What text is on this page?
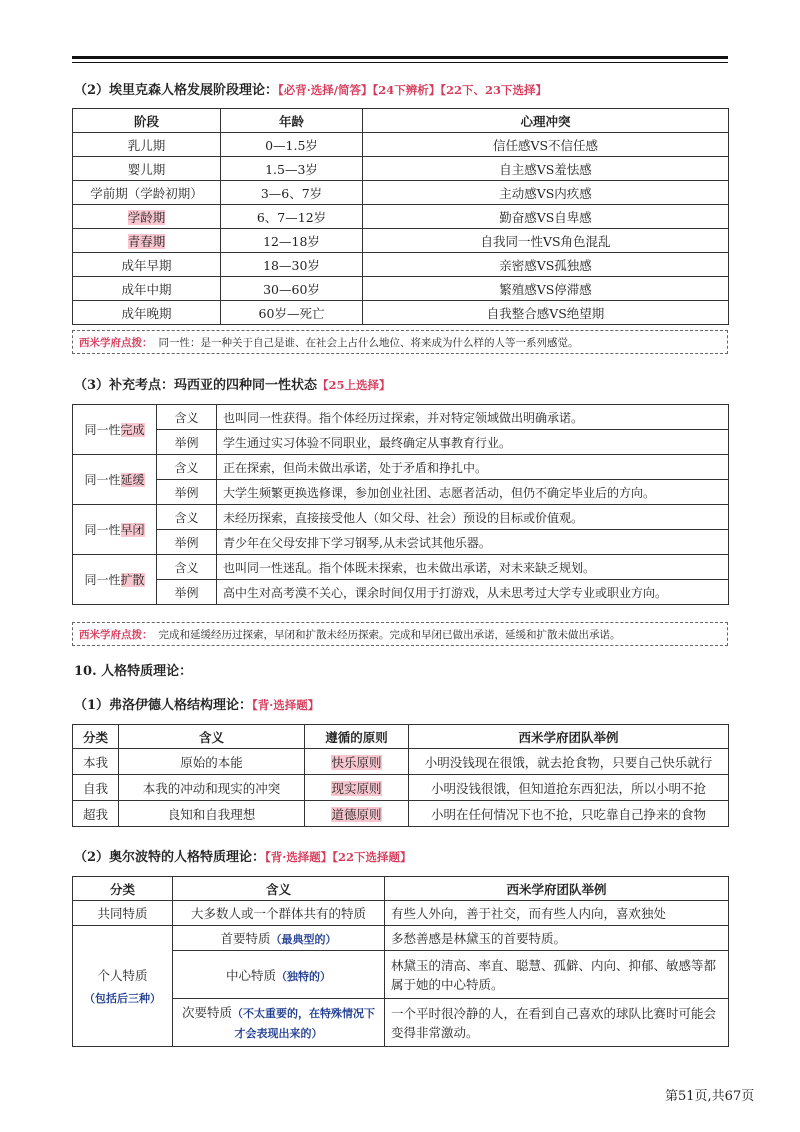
（2）埃里克森人格发展阶段理论：【必背·选择/简答】【24下辨析】【22下、23下选择】
阶段	年龄	心理冲突
乳儿期	0—1.5岁	信任感VS不信任感
婴儿期	1.5—3岁	自主感VS羞怯感
学前期（学龄初期）	3—6、7岁	主动感VS内疚感
学龄期	6、7—12岁	勤奋感VS自卑感
青春期	12—18岁	自我同一性VS角色混乱
成年早期	18—30岁	亲密感VS孤独感
成年中期	30—60岁	繁殖感VS停滞感
成年晚期	60岁—死亡	自我整合感VS绝望期
西米学府点拨： 同一性：是一种关于自己是谁、在社会上占什么地位、将来成为什么样的人等一系列感觉。
（3）补充考点：玛西亚的四种同一性状态【25上选择】
同一性完成	含义	也叫同一性获得。指个体经历过探索，并对特定领域做出明确承诺。
	举例	学生通过实习体验不同职业，最终确定从事教育行业。
同一性延缓	含义	正在探索，但尚未做出承诺，处于矛盾和挣扎中。
	举例	大学生频繁更换选修课，参加创业社团、志愿者活动，但仍不确定毕业后的方向。
同一性早闭	含义	未经历探索，直接接受他人（如父母、社会）预设的目标或价值观。
	举例	青少年在父母安排下学习钢琴,从未尝试其他乐器。
同一性扩散	含义	也叫同一性迷乱。指个体既未探索，也未做出承诺，对未来缺乏规划。
	举例	高中生对高考漠不关心，课余时间仅用于打游戏，从未思考过大学专业或职业方向。
西米学府点拨： 完成和延缓经历过探索，早闭和扩散未经历探索。完成和早闭已做出承诺，延缓和扩散未做出承诺。
10. 人格特质理论：
（1）弗洛伊德人格结构理论：【背·选择题】
分类	含义	遵循的原则	西米学府团队举例
本我	原始的本能	快乐原则	小明没钱现在很饿，就去抢食物，只要自己快乐就行
自我	本我的冲动和现实的冲突	现实原则	小明没钱很饿，但知道抢东西犯法，所以小明不抢
超我	良知和自我理想	道德原则	小明在任何情况下也不抢，只吃靠自己挣来的食物
（2）奥尔波特的人格特质理论：【背·选择题】【22下选择题】
分类	含义	西米学府团队举例
共同特质	大多数人或一个群体共有的特质	有些人外向，善于社交，而有些人内向，喜欢独处

个人特质
（包括后三种）	首要特质（最典型的）	多愁善感是林黛玉的首要特质。
	中心特质（独特的）	林黛玉的清高、率直、聪慧、孤僻、内向、抑郁、敏感等都属于她的中心特质。
	次要特质（不太重要的，在特殊情况下才会表现出来的）	一个平时很冷静的人，在看到自己喜欢的球队比赛时可能会变得非常激动。
第51页,共67页
